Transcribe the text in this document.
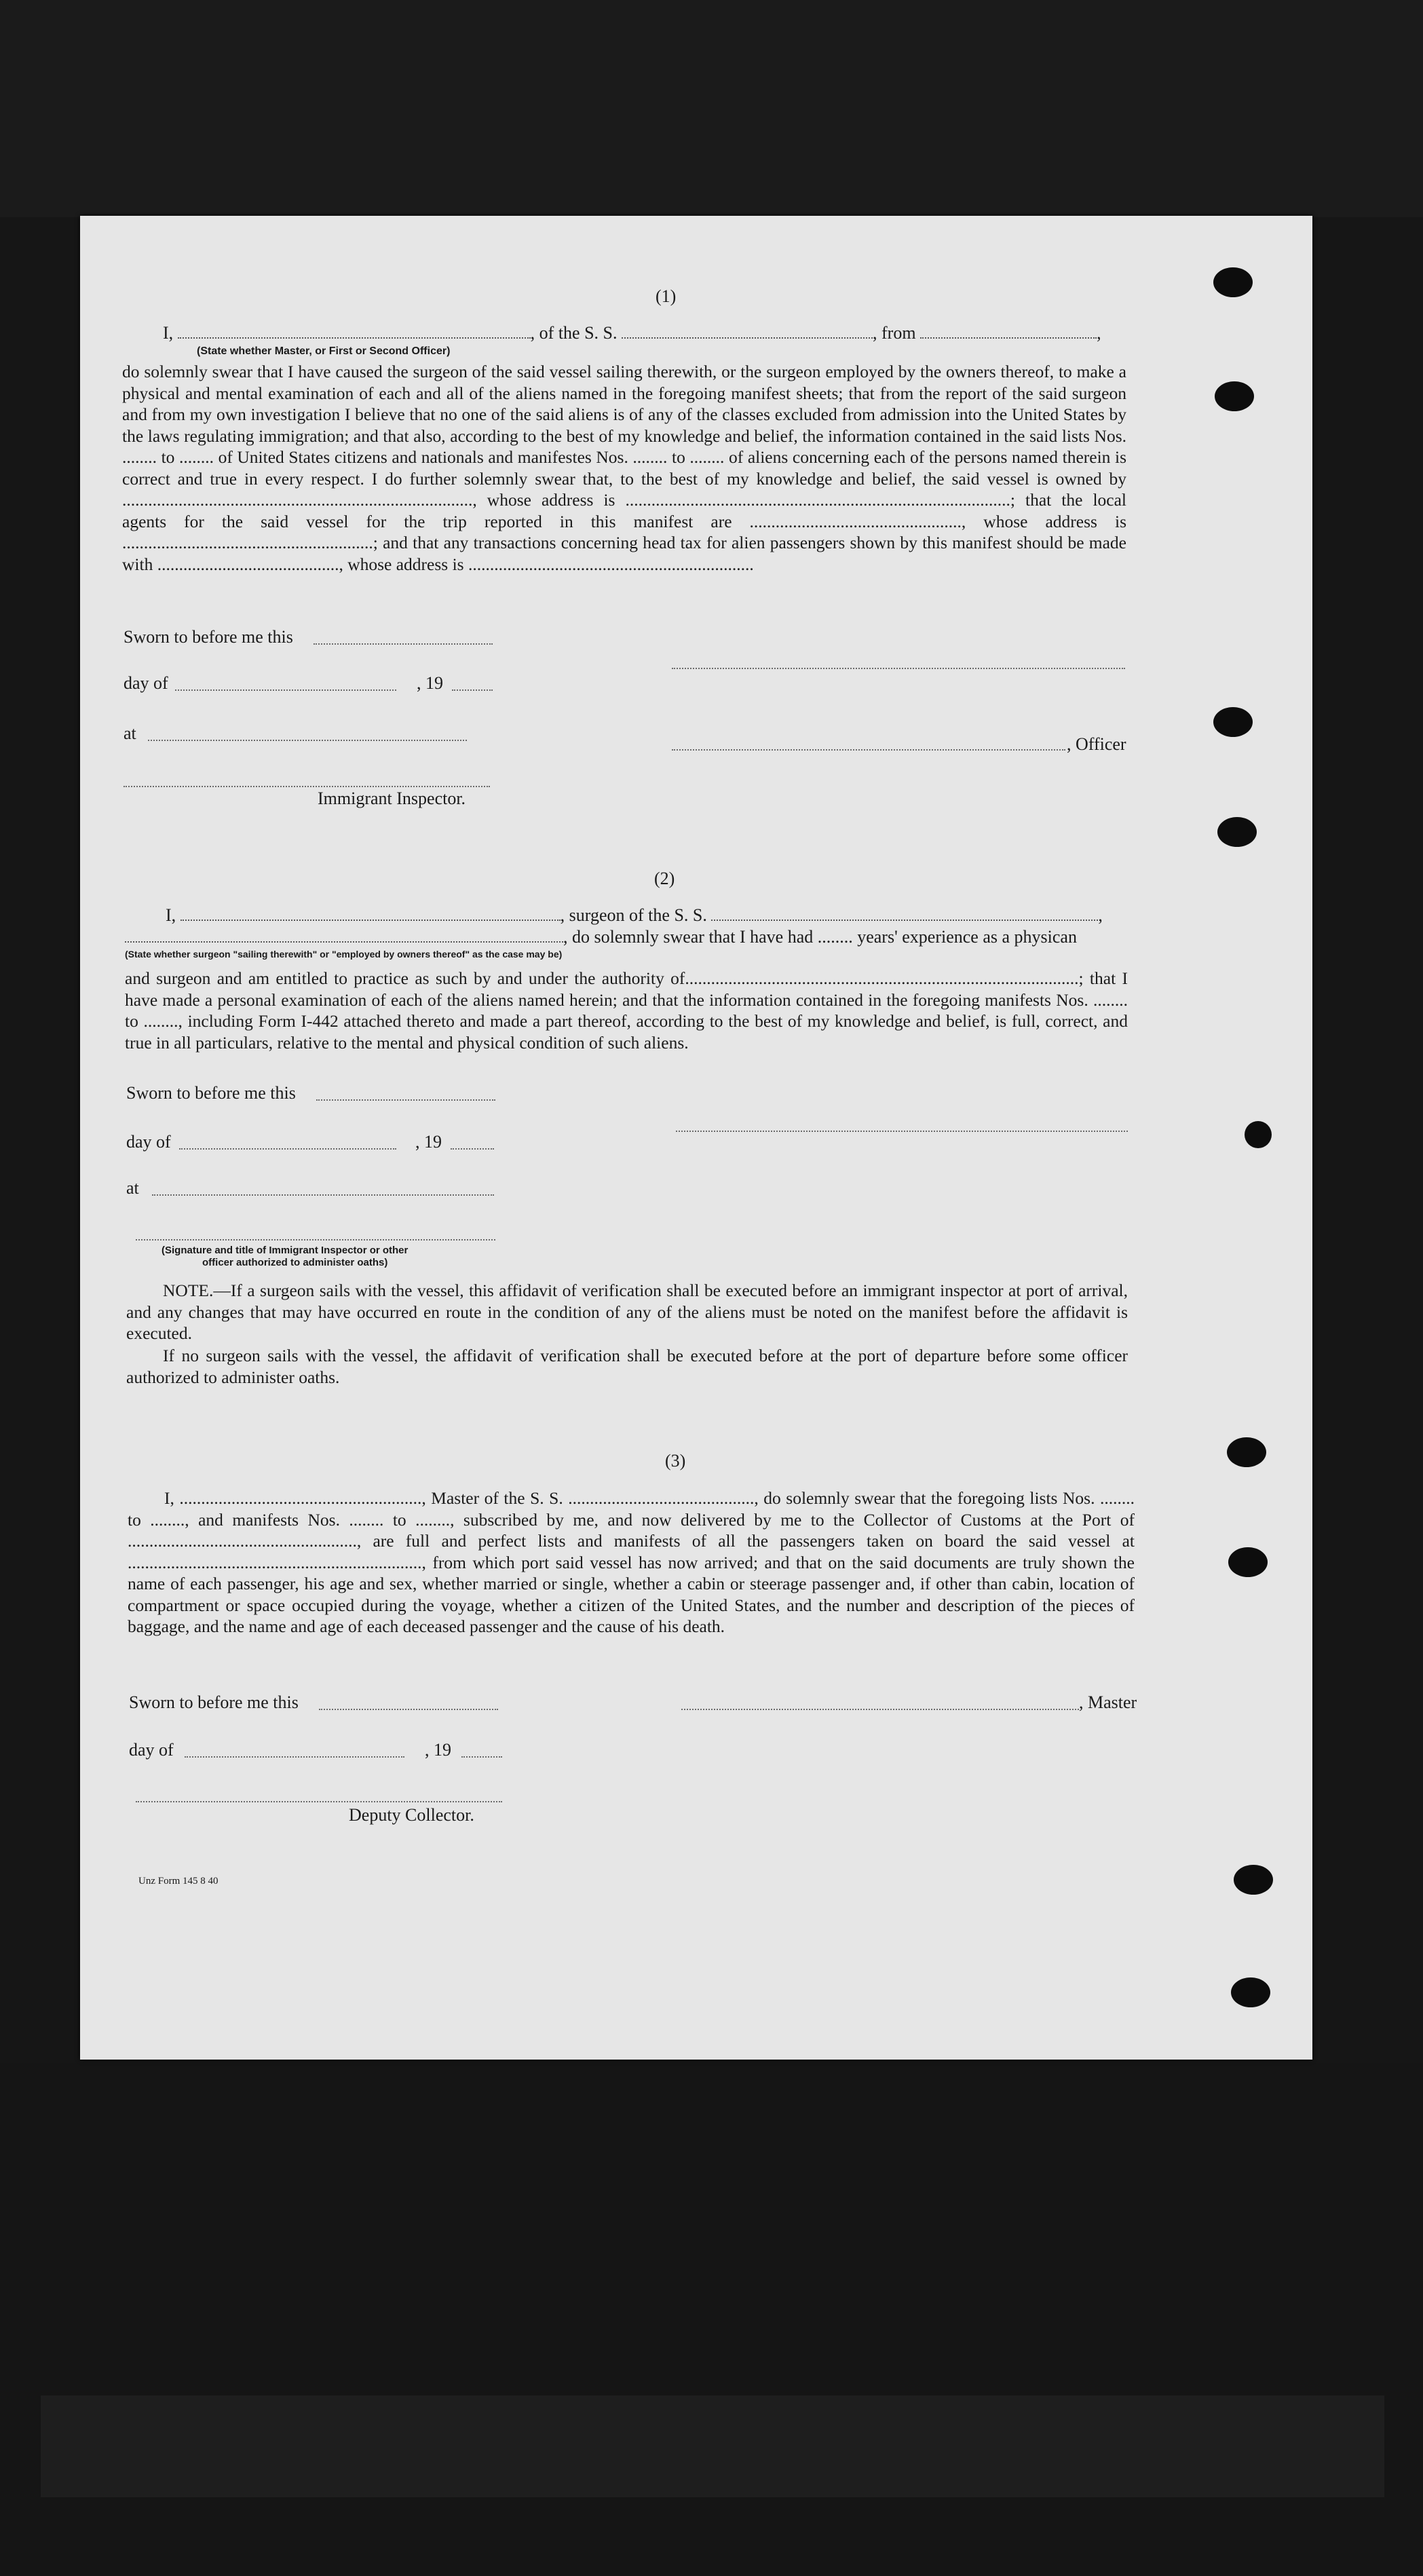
(1)
I,	, of the S. S.	, from	,
(State whether Master, or First or Second Officer)
do solemnly swear that I have caused the surgeon of the said vessel sailing therewith, or the surgeon employed by the owners thereof, to make a physical and mental examination of each and all of the aliens named in the foregoing manifest sheets; that from the report of the said surgeon and from my own investigation I believe that no one of the said aliens is of any of the classes excluded from admission into the United States by the laws regulating immigration; and that also, according to the best of my knowledge and belief, the information contained in the said lists Nos. ........ to ........ of United States citizens and nationals and manifestes Nos. ........ to ........ of aliens concerning each of the persons named therein is correct and true in every respect. I do further solemnly swear that, to the best of my knowledge and belief, the said vessel is owned by ................................................................................., whose address is .........................................................................................; that the local agents for the said vessel for the trip reported in this manifest are ................................................., whose address is ..........................................................; and that any transactions concerning head tax for alien passengers shown by this manifest should be made with .........................................., whose address is ..................................................................
Sworn to before me this
day of	, 19
at
, Officer
Immigrant Inspector.
(2)
I,	, surgeon of the S. S.	,
, do solemnly swear that I have had ........ years' experience as a physican
(State whether surgeon "sailing therewith" or "employed by owners thereof" as the case may be)
and surgeon and am entitled to practice as such by and under the authority of...........................................................................................; that I have made a personal examination of each of the aliens named herein; and that the information contained in the foregoing manifests Nos. ........ to ........, including Form I-442 attached thereto and made a part thereof, according to the best of my knowledge and belief, is full, correct, and true in all particulars, relative to the mental and physical condition of such aliens.
Sworn to before me this
day of	, 19
at
(Signature and title of Immigrant Inspector or other
officer authorized to administer oaths)
NOTE.—If a surgeon sails with the vessel, this affidavit of verification shall be executed before an immigrant inspector at port of arrival, and any changes that may have occurred en route in the condition of any of the aliens must be noted on the manifest before the affidavit is executed.
If no surgeon sails with the vessel, the affidavit of verification shall be executed before at the port of departure before some officer authorized to administer oaths.
(3)
I, ........................................................, Master of the S. S. ..........................................., do solemnly swear that the foregoing lists Nos. ........ to ........, and manifests Nos. ........ to ........, subscribed by me, and now delivered by me to the Collector of Customs at the Port of ....................................................., are full and perfect lists and manifests of all the passengers taken on board the said vessel at ...................................................................., from which port said vessel has now arrived; and that on the said documents are truly shown the name of each passenger, his age and sex, whether married or single, whether a cabin or steerage passenger and, if other than cabin, location of compartment or space occupied during the voyage, whether a citizen of the United States, and the number and description of the pieces of baggage, and the name and age of each deceased passenger and the cause of his death.
Sworn to before me this	, Master
day of	, 19
Deputy Collector.
Unz Form 145 8 40
